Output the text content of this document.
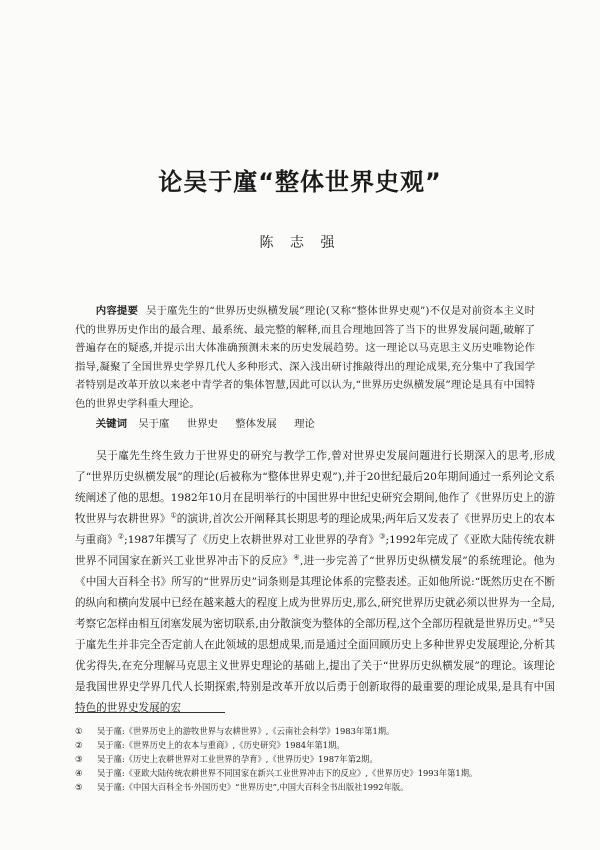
论吴于廑“整体世界史观”
陈 志 强

内容提要 吴于廑先生的“世界历史纵横发展”理论(又称“整体世界史观”)不仅是对前资本主义时代的世界历史作出的最合理、最系统、最完整的解释,而且合理地回答了当下的世界发展问题,破解了普遍存在的疑惑,并提示出大体准确预测未来的历史发展趋势。这一理论以马克思主义历史唯物论作指导,凝聚了全国世界史学界几代人多种形式、深入浅出研讨推敲得出的理论成果,充分集中了我国学者特别是改革开放以来老中青学者的集体智慧,因此可以认为,“世界历史纵横发展”理论是具有中国特色的世界史学科重大理论。

关键词 吴于廑 世界史 整体发展 理论

吴于廑先生终生致力于世界史的研究与教学工作,曾对世界史发展问题进行长期深入的思考,形成了“世界历史纵横发展”的理论(后被称为“整体世界史观”),并于20世纪最后20年期间通过一系列论文系统阐述了他的思想。1982年10月在昆明举行的中国世界中世纪史研究会期间,他作了《世界历史上的游牧世界与农耕世界》①的演讲,首次公开阐释其长期思考的理论成果;两年后又发表了《世界历史上的农本与重商》②;1987年撰写了《历史上农耕世界对工业世界的孕育》③;1992年完成了《亚欧大陆传统农耕世界不同国家在新兴工业世界冲击下的反应》④,进一步完善了“世界历史纵横发展”的系统理论。他为《中国大百科全书》所写的“世界历史”词条则是其理论体系的完整表述。正如他所说:“既然历史在不断的纵向和横向发展中已经在越来越大的程度上成为世界历史,那么,研究世界历史就必须以世界为一全局,考察它怎样由相互闭塞发展为密切联系,由分散演变为整体的全部历程,这个全部历程就是世界历史。”⑤吴于廑先生并非完全否定前人在此领域的思想成果,而是通过全面回顾历史上多种世界史发展理论,分析其优劣得失,在充分理解马克思主义世界史理论的基础上,提出了关于“世界历史纵横发展”的理论。该理论是我国世界史学界几代人长期探索,特别是改革开放以后勇于创新取得的最重要的理论成果,是具有中国特色的世界史发展的宏

① 吴于廑:《世界历史上的游牧世界与农耕世界》,《云南社会科学》1983年第1期。
② 吴于廑:《世界历史上的农本与重商》,《历史研究》1984年第1期。
③ 吴于廑:《历史上农耕世界对工业世界的孕育》,《世界历史》1987年第2期。
④ 吴于廑:《亚欧大陆传统农耕世界不同国家在新兴工业世界冲击下的反应》,《世界历史》1993年第1期。
⑤ 吴于廑:《中国大百科全书·外国历史》“世界历史”,中国大百科全书出版社1992年版。
